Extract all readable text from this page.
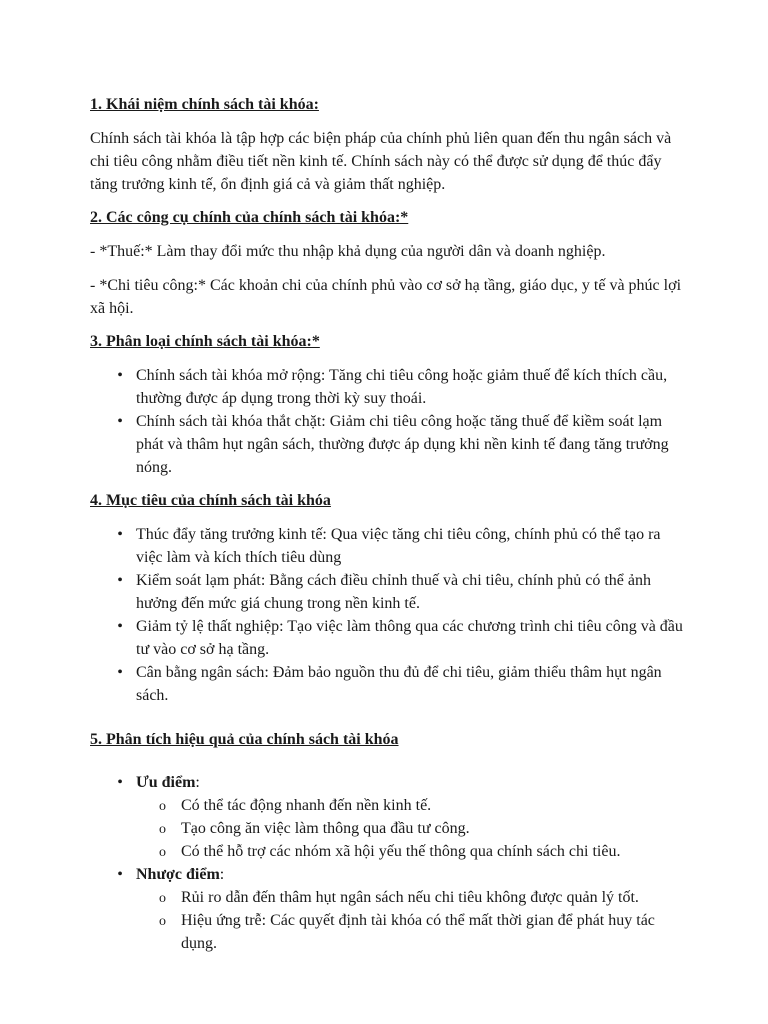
1. Khái niệm chính sách tài khóa:

Chính sách tài khóa là tập hợp các biện pháp của chính phủ liên quan đến thu ngân sách và chi tiêu công nhằm điều tiết nền kinh tế. Chính sách này có thể được sử dụng để thúc đẩy tăng trưởng kinh tế, ổn định giá cả và giảm thất nghiệp.

2. Các công cụ chính của chính sách tài khóa:*

- *Thuế:* Làm thay đổi mức thu nhập khả dụng của người dân và doanh nghiệp.

- *Chi tiêu công:* Các khoản chi của chính phủ vào cơ sở hạ tầng, giáo dục, y tế và phúc lợi xã hội.

3. Phân loại chính sách tài khóa:*
• Chính sách tài khóa mở rộng: Tăng chi tiêu công hoặc giảm thuế để kích thích cầu, thường được áp dụng trong thời kỳ suy thoái.
• Chính sách tài khóa thắt chặt: Giảm chi tiêu công hoặc tăng thuế để kiềm soát lạm phát và thâm hụt ngân sách, thường được áp dụng khi nền kinh tế đang tăng trưởng nóng.
4. Mục tiêu của chính sách tài khóa
• Thúc đẩy tăng trưởng kinh tế: Qua việc tăng chi tiêu công, chính phủ có thể tạo ra việc làm và kích thích tiêu dùng
• Kiểm soát lạm phát: Bằng cách điều chỉnh thuế và chi tiêu, chính phủ có thể ảnh hưởng đến mức giá chung trong nền kinh tế.
• Giảm tỷ lệ thất nghiệp: Tạo việc làm thông qua các chương trình chi tiêu công và đầu tư vào cơ sở hạ tầng.
• Cân bằng ngân sách: Đảm bảo nguồn thu đủ để chi tiêu, giảm thiểu thâm hụt ngân sách.
5. Phân tích hiệu quả của chính sách tài khóa
• Ưu điểm:
o Có thể tác động nhanh đến nền kinh tế.
o Tạo công ăn việc làm thông qua đầu tư công.
o Có thể hỗ trợ các nhóm xã hội yếu thế thông qua chính sách chi tiêu.
• Nhược điểm:
o Rủi ro dẫn đến thâm hụt ngân sách nếu chi tiêu không được quản lý tốt.
o Hiệu ứng trễ: Các quyết định tài khóa có thể mất thời gian để phát huy tác dụng.
